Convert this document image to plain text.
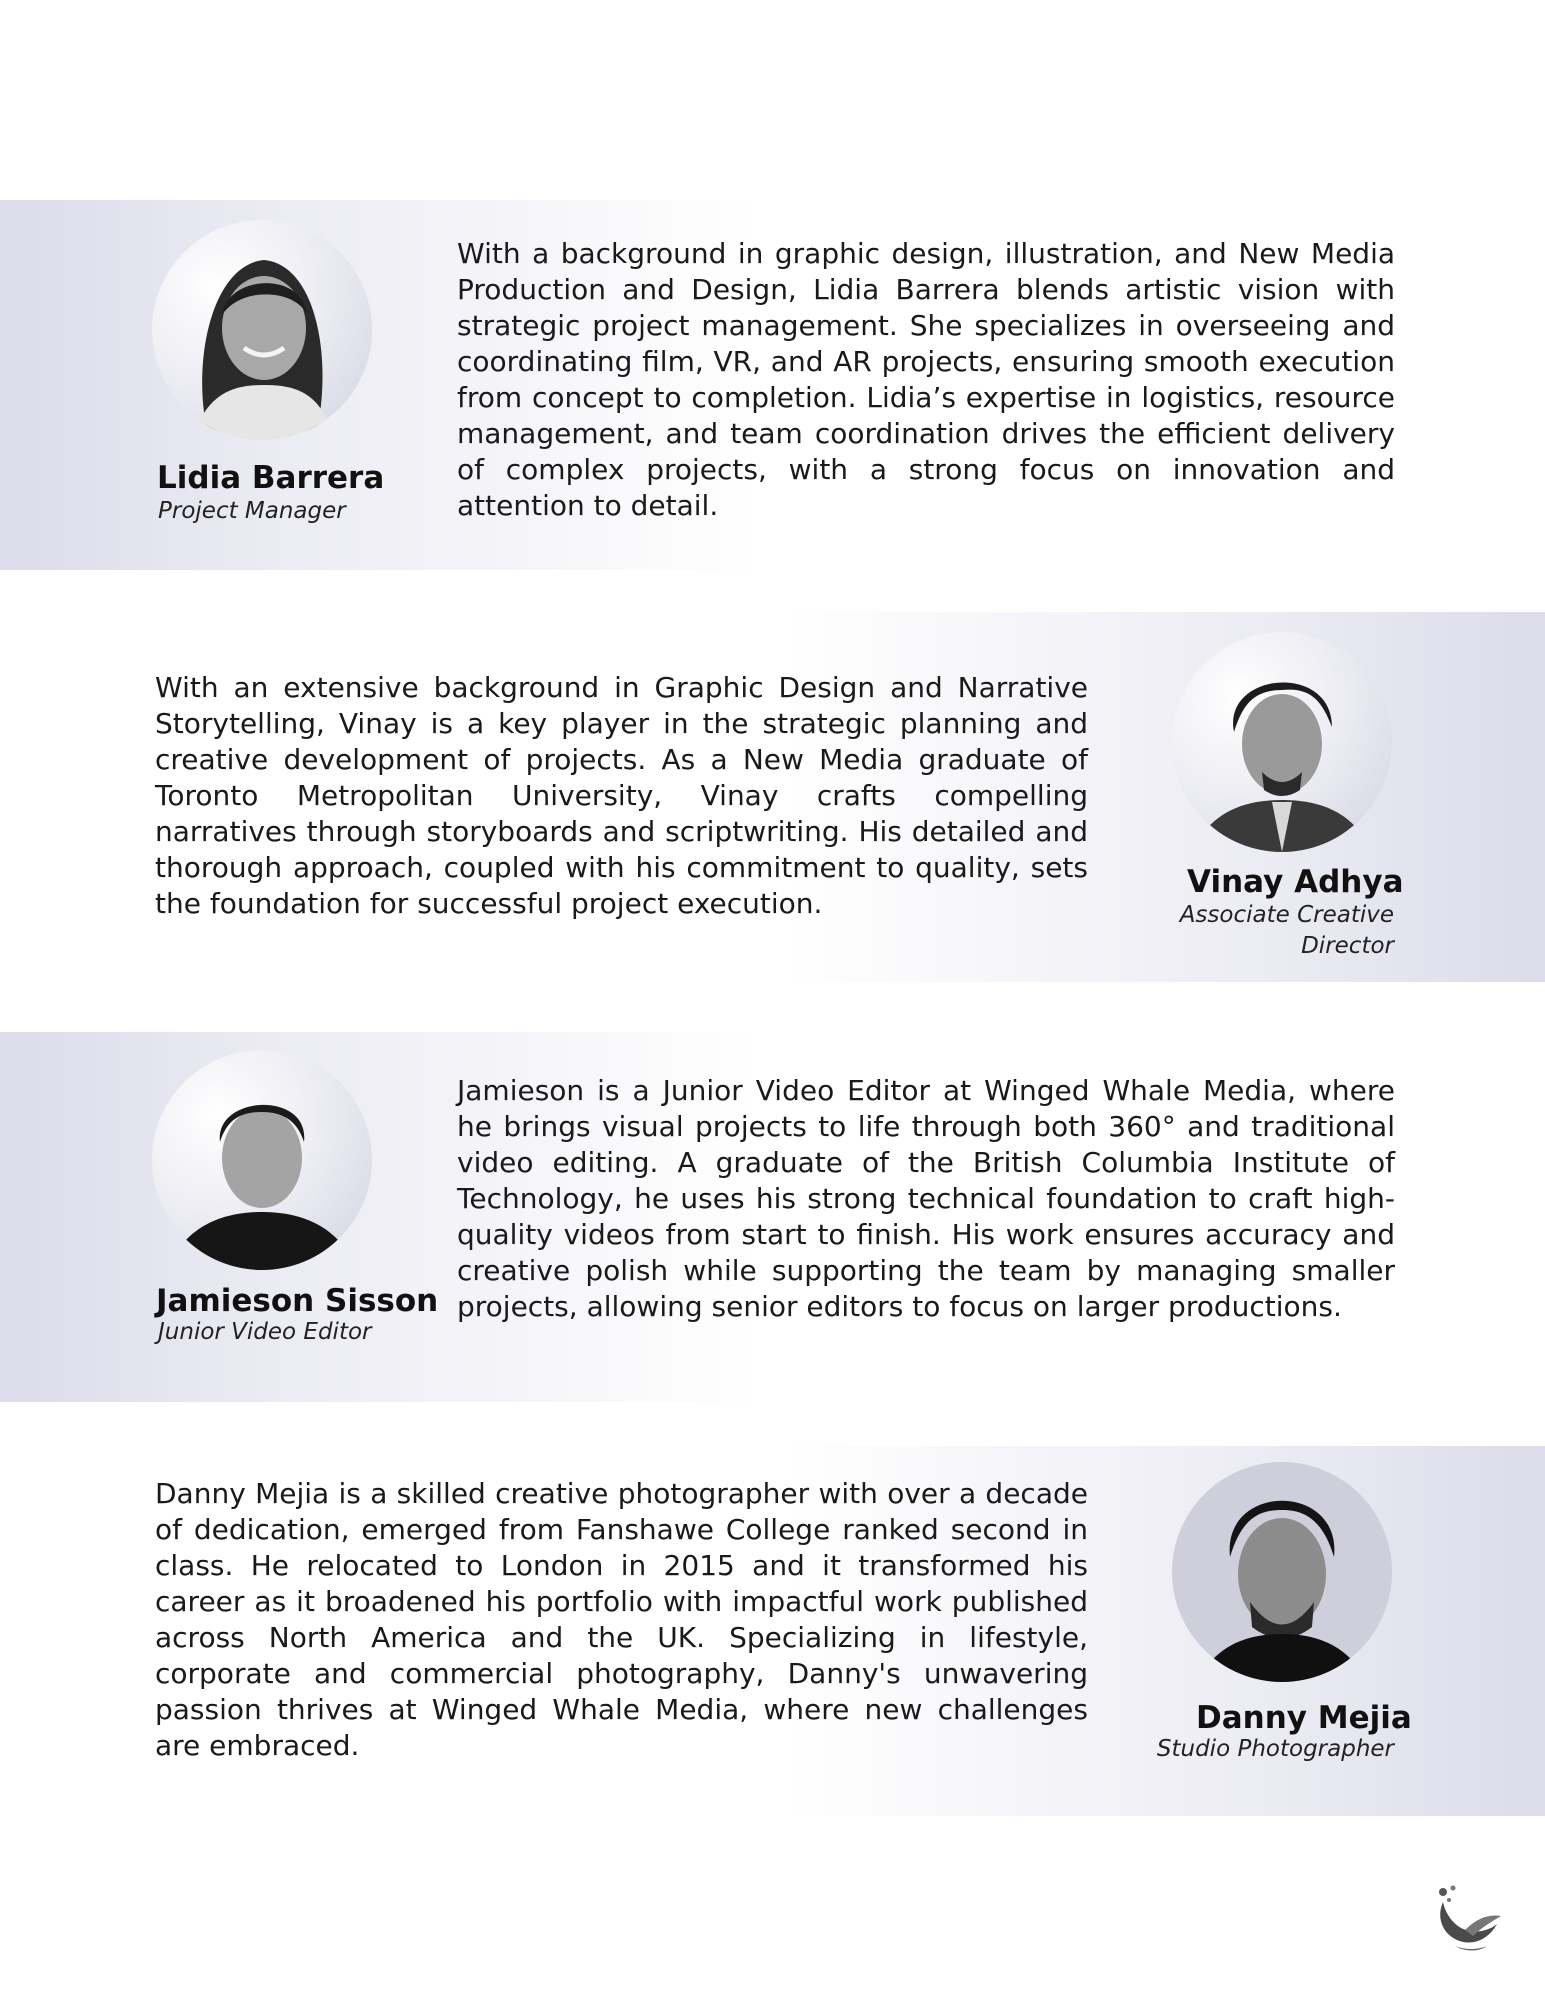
Lidia Barrera

Project Manager

With a background in graphic design, illustration, and New Media Production and Design, Lidia Barrera blends artistic vision with strategic project management. She specializes in overseeing and coordinating film, VR, and AR projects, ensuring smooth execution from concept to completion. Lidia’s expertise in logistics, resource management, and team coordination drives the efficient delivery of complex projects, with a strong focus on innovation and attention to detail.

Vinay Adhya

Associate Creative Director

With an extensive background in Graphic Design and Narrative Storytelling, Vinay is a key player in the strategic planning and creative development of projects. As a New Media graduate of Toronto Metropolitan University, Vinay crafts compelling narratives through storyboards and scriptwriting. His detailed and thorough approach, coupled with his commitment to quality, sets the foundation for successful project execution.

Jamieson Sisson

Junior Video Editor

Jamieson is a Junior Video Editor at Winged Whale Media, where he brings visual projects to life through both 360° and traditional video editing. A graduate of the British Columbia Institute of Technology, he uses his strong technical foundation to craft high-quality videos from start to finish. His work ensures accuracy and creative polish while supporting the team by managing smaller projects, allowing senior editors to focus on larger productions.

Danny Mejia

Studio Photographer

Danny Mejia is a skilled creative photographer with over a decade of dedication, emerged from Fanshawe College ranked second in class. He relocated to London in 2015 and it transformed his career as it broadened his portfolio with impactful work published across North America and the UK. Specializing in lifestyle, corporate and commercial photography, Danny's unwavering passion thrives at Winged Whale Media, where new challenges are embraced.
